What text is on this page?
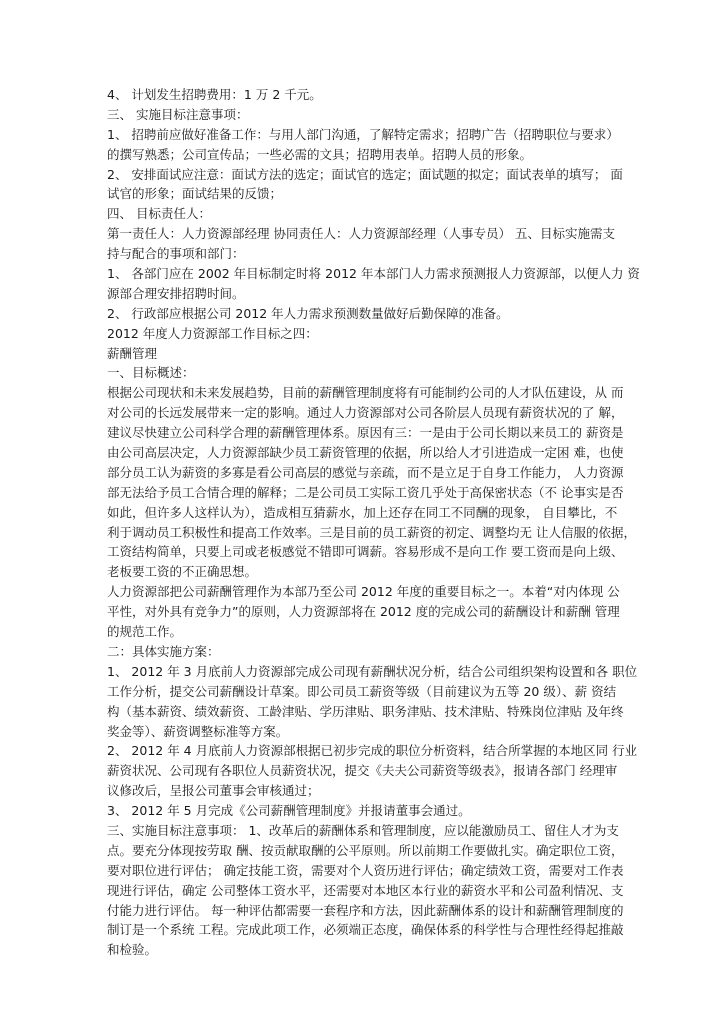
4、 计划发生招聘费用：1 万 2 千元。
三、 实施目标注意事项：
1、 招聘前应做好准备工作：与用人部门沟通，了解特定需求；招聘广告（招聘职位与要求）
的撰写熟悉；公司宣传品；一些必需的文具；招聘用表单。招聘人员的形象。
2、 安排面试应注意：面试方法的选定；面试官的选定；面试题的拟定；面试表单的填写； 面
试官的形象；面试结果的反馈；
四、 目标责任人：
第一责任人：人力资源部经理 协同责任人：人力资源部经理（人事专员） 五、目标实施需支
持与配合的事项和部门：
1、 各部门应在 2002 年目标制定时将 2012 年本部门人力需求预测报人力资源部，以便人力 资
源部合理安排招聘时间。
2、 行政部应根据公司 2012 年人力需求预测数量做好后勤保障的准备。
2012 年度人力资源部工作目标之四：
薪酬管理
一、目标概述：
根据公司现状和未来发展趋势，目前的薪酬管理制度将有可能制约公司的人才队伍建设，从 而
对公司的长远发展带来一定的影响。通过人力资源部对公司各阶层人员现有薪资状况的了 解，
建议尽快建立公司科学合理的薪酬管理体系。原因有三：一是由于公司长期以来员工的 薪资是
由公司高层决定，人力资源部缺少员工薪资管理的依据，所以给人才引进造成一定困 难，也使
部分员工认为薪资的多寡是看公司高层的感觉与亲疏，而不是立足于自身工作能力， 人力资源
部无法给予员工合情合理的解释；二是公司员工实际工资几乎处于高保密状态（不 论事实是否
如此，但许多人这样认为），造成相互猜薪水，加上还存在同工不同酬的现象， 自目攀比，不
利于调动员工积极性和提高工作效率。三是目前的员工薪资的初定、调整均无 让人信服的依据，
工资结构简单，只要上司或老板感觉不错即可调薪。容易形成不是向工作 要工资而是向上级、
老板要工资的不正确思想。
人力资源部把公司薪酬管理作为本部乃至公司 2012 年度的重要目标之一。本着“对内体现 公
平性，对外具有竞争力”的原则，人力资源部将在 2012 度的完成公司的薪酬设计和薪酬 管理
的规范工作。
二：具体实施方案：
1、 2012 年 3 月底前人力资源部完成公司现有薪酬状况分析，结合公司组织架构设置和各 职位
工作分析，提交公司薪酬设计草案。即公司员工薪资等级（目前建议为五等 20 级）、薪 资结
构（基本薪资、绩效薪资、工龄津贴、学历津贴、职务津贴、技术津贴、特殊岗位津贴 及年终
奖金等）、薪资调整标准等方案。
2、 2012 年 4 月底前人力资源部根据已初步完成的职位分析资料，结合所掌握的本地区同 行业
薪资状况、公司现有各职位人员薪资状况，提交《夫夫公司薪资等级表》，报请各部门 经理审
议修改后，呈报公司董事会审核通过；
3、 2012 年 5 月完成《公司薪酬管理制度》并报请董事会通过。
三、实施目标注意事项： 1、改革后的薪酬体系和管理制度，应以能激励员工、留住人才为支
点。要充分体现按劳取 酬、按贡献取酬的公平原则。所以前期工作要做扎实。确定职位工资，
要对职位进行评估； 确定技能工资，需要对个人资历进行评估；确定绩效工资，需要对工作表
现进行评估，确定 公司整体工资水平，还需要对本地区本行业的薪资水平和公司盈利情况、支
付能力进行评估。 每一种评估都需要一套程序和方法，因此薪酬体系的设计和薪酬管理制度的
制订是一个系统 工程。完成此项工作，必须端正态度，确保体系的科学性与合理性经得起推敲
和检验。
